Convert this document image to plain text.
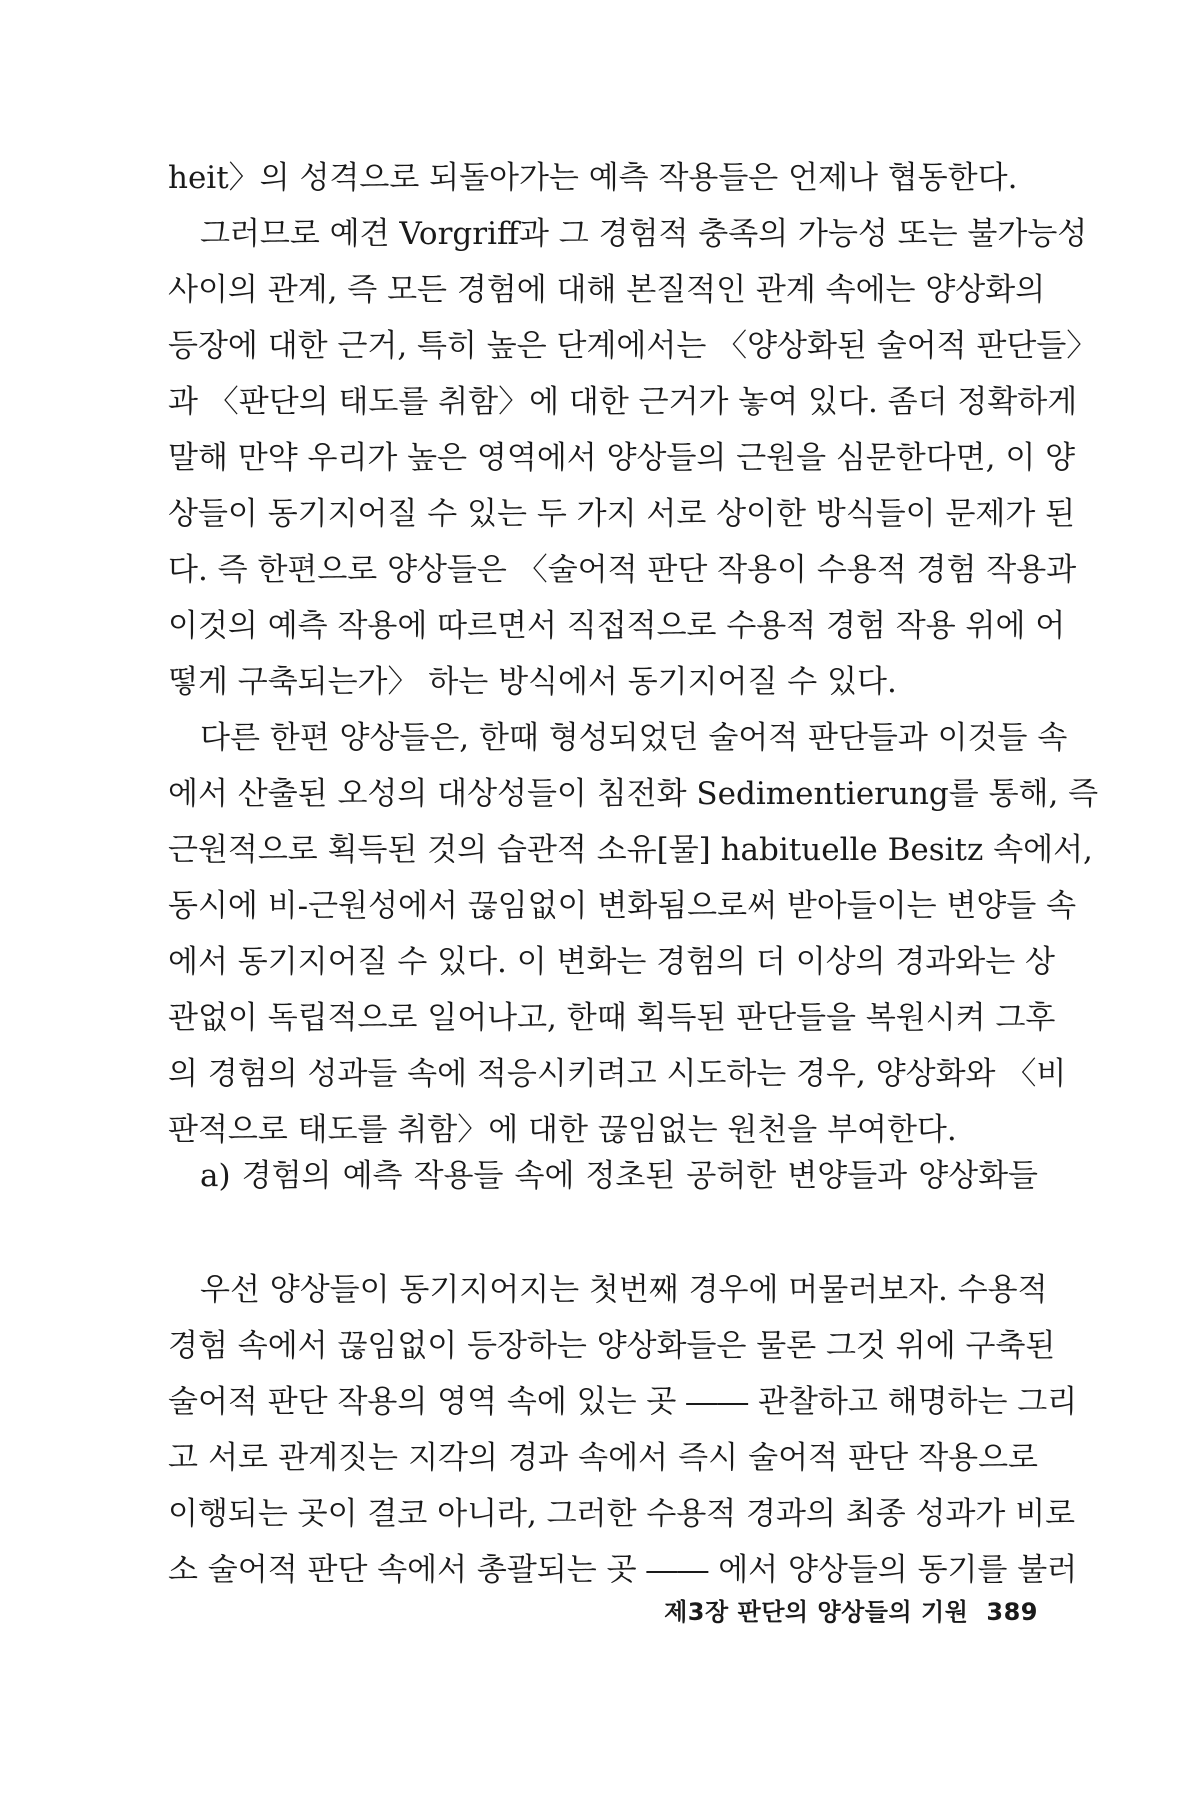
heit〉의 성격으로 되돌아가는 예측 작용들은 언제나 협동한다.
그러므로 예견 Vorgriff과 그 경험적 충족의 가능성 또는 불가능성
사이의 관계, 즉 모든 경험에 대해 본질적인 관계 속에는 양상화의
등장에 대한 근거, 특히 높은 단계에서는 〈양상화된 술어적 판단들〉
과 〈판단의 태도를 취함〉에 대한 근거가 놓여 있다. 좀더 정확하게
말해 만약 우리가 높은 영역에서 양상들의 근원을 심문한다면, 이 양
상들이 동기지어질 수 있는 두 가지 서로 상이한 방식들이 문제가 된
다. 즉 한편으로 양상들은 〈술어적 판단 작용이 수용적 경험 작용과
이것의 예측 작용에 따르면서 직접적으로 수용적 경험 작용 위에 어
떻게 구축되는가〉 하는 방식에서 동기지어질 수 있다.
다른 한편 양상들은, 한때 형성되었던 술어적 판단들과 이것들 속
에서 산출된 오성의 대상성들이 침전화 Sedimentierung를 통해, 즉
근원적으로 획득된 것의 습관적 소유[물] habituelle Besitz 속에서,
동시에 비-근원성에서 끊임없이 변화됨으로써 받아들이는 변양들 속
에서 동기지어질 수 있다. 이 변화는 경험의 더 이상의 경과와는 상
관없이 독립적으로 일어나고, 한때 획득된 판단들을 복원시켜 그후
의 경험의 성과들 속에 적응시키려고 시도하는 경우, 양상화와 〈비
판적으로 태도를 취함〉에 대한 끊임없는 원천을 부여한다.
a) 경험의 예측 작용들 속에 정초된 공허한 변양들과 양상화들
우선 양상들이 동기지어지는 첫번째 경우에 머물러보자. 수용적
경험 속에서 끊임없이 등장하는 양상화들은 물론 그것 위에 구축된
술어적 판단 작용의 영역 속에 있는 곳 ―― 관찰하고 해명하는 그리
고 서로 관계짓는 지각의 경과 속에서 즉시 술어적 판단 작용으로
이행되는 곳이 결코 아니라, 그러한 수용적 경과의 최종 성과가 비로
소 술어적 판단 속에서 총괄되는 곳 ―― 에서 양상들의 동기를 불러
제3장 판단의 양상들의 기원 389
